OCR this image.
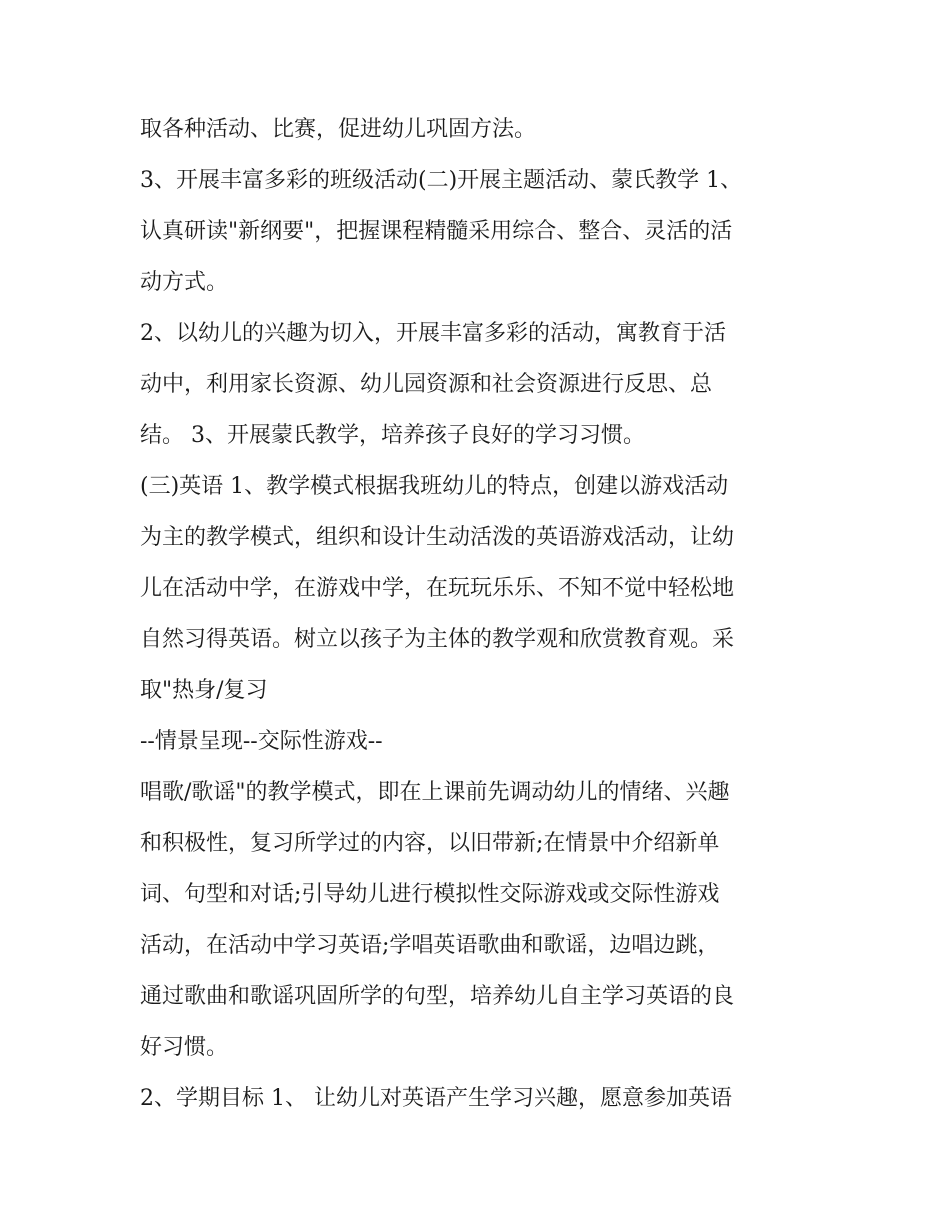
取各种活动、比赛，促进幼儿巩固方法。
3、开展丰富多彩的班级活动(二)开展主题活动、蒙氏教学 1、
认真研读"新纲要"，把握课程精髓采用综合、整合、灵活的活
动方式。
2、以幼儿的兴趣为切入，开展丰富多彩的活动，寓教育于活
动中，利用家长资源、幼儿园资源和社会资源进行反思、总
结。 3、开展蒙氏教学，培养孩子良好的学习习惯。
(三)英语 1、教学模式根据我班幼儿的特点，创建以游戏活动
为主的教学模式，组织和设计生动活泼的英语游戏活动，让幼
儿在活动中学，在游戏中学，在玩玩乐乐、不知不觉中轻松地
自然习得英语。树立以孩子为主体的教学观和欣赏教育观。采
取"热身/复习
--情景呈现--交际性游戏--
唱歌/歌谣"的教学模式，即在上课前先调动幼儿的情绪、兴趣
和积极性，复习所学过的内容，以旧带新;在情景中介绍新单
词、句型和对话;引导幼儿进行模拟性交际游戏或交际性游戏
活动，在活动中学习英语;学唱英语歌曲和歌谣，边唱边跳，
通过歌曲和歌谣巩固所学的句型，培养幼儿自主学习英语的良
好习惯。
2、学期目标 1、 让幼儿对英语产生学习兴趣，愿意参加英语
